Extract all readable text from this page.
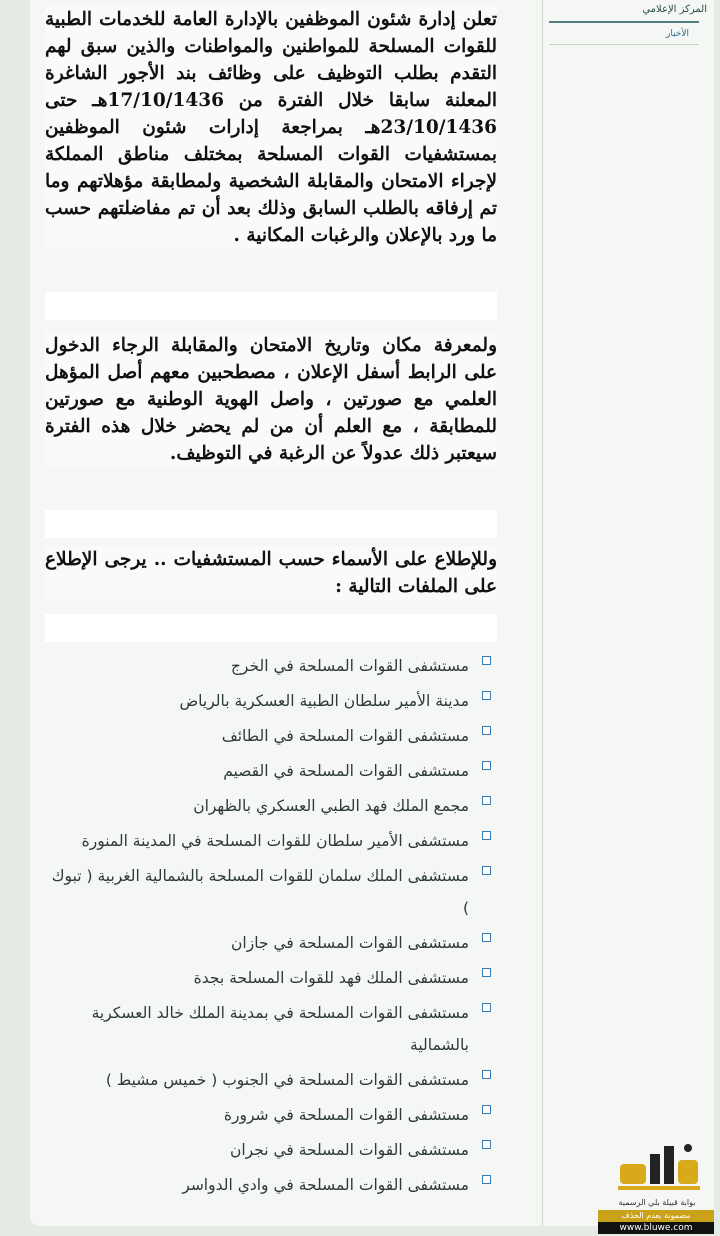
المركز الإعلامي
الأخبار

تعلن إدارة شئون الموظفين بالإدارة العامة للخدمات الطبية للقوات المسلحة للمواطنين والمواطنات والذين سبق لهم التقدم بطلب التوظيف على وظائف بند الأجور الشاغرة المعلنة سابقا خلال الفترة من 17/10/1436هـ حتى 23/10/1436هـ بمراجعة إدارات شئون الموظفين بمستشفيات القوات المسلحة بمختلف مناطق المملكة لإجراء الامتحان والمقابلة الشخصية ولمطابقة مؤهلاتهم وما تم إرفاقه بالطلب السابق وذلك بعد أن تم مفاضلتهم حسب ما ورد بالإعلان والرغبات المكانية .

ولمعرفة مكان وتاريخ الامتحان والمقابلة الرجاء الدخول على الرابط أسفل الإعلان ، مصطحبين معهم أصل المؤهل العلمي مع صورتين ، واصل الهوية الوطنية مع صورتين للمطابقة ، مع العلم أن من لم يحضر خلال هذه الفترة سيعتبر ذلك عدولاً عن الرغبة في التوظيف.

وللإطلاع على الأسماء حسب المستشفيات .. يرجى الإطلاع على الملفات التالية :

مستشفى القوات المسلحة في الخرج
مدينة الأمير سلطان الطبية العسكرية بالرياض
مستشفى القوات المسلحة في الطائف
مستشفى القوات المسلحة في القصيم
مجمع الملك فهد الطبي العسكري بالظهران
مستشفى الأمير سلطان للقوات المسلحة في المدينة المنورة
مستشفى الملك سلمان للقوات المسلحة بالشمالية الغربية ( تبوك )
مستشفى القوات المسلحة في جازان
مستشفى الملك فهد للقوات المسلحة بجدة
مستشفى القوات المسلحة في بمدينة الملك خالد العسكرية بالشمالية
مستشفى القوات المسلحة في الجنوب ( خميس مشيط )
مستشفى القوات المسلحة في شرورة
مستشفى القوات المسلحة في نجران
مستشفى القوات المسلحة في وادي الدواسر
بوابة قبيلة بلي الرسمية
مضمونة بعدم الحذف
www.bluwe.com
